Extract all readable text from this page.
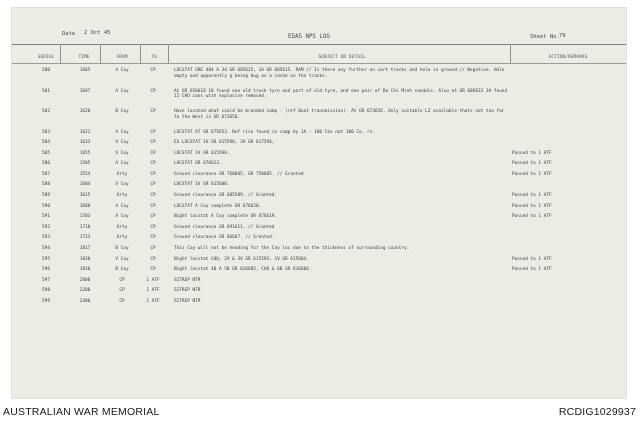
Date 2 Oct 45
EDAS NPS LOG	Sheet No. 79
SERIAL	TIME	FROM	TO	SUBJECT OR DETAIL	ACTION/REMARKS
580	1605	A Coy	CP	LOCSTAT GRE 484 A 3d GR 685625, 1A GR 685615. RAM // Is there any further on cart tracks and hole in ground.// Negative. Hole empty and apparently g being dug as a cache on the tracks.
581	1607	A Coy	CP	At GR 650616 18 found one old truck tyre and part of old tyre, and one pair of Do Chi Minh sandals. Also at GR 686633 3A found 12 CHO cans with explosive removed.
582	1620	B Coy	CP	Have located what could be branded camp - (ref Boat transmission). At GR 673656. Only suitable LZ available thats not too far to the West is GR 673656.
583	1621	A Coy	CP	LOCSTAT AT GR 675653. Ref rise found in camp by 1A - 100 lbs not 100 Ce. rs.
584	1633	V Coy	CP	EX LOCSTAT 1V GR 615596, 3V GR 617594,
585	1655	V Coy	CP	LOCSTAT 1V GR 615598.	Passed to 1 ATF
586	1505	A Coy	CP	LOCSTAT GR 676623.	Passed to 1 ATF
587	1554	Arty	CP	Ground clearance GR 760605, GR 750605. // Granted	Passed to 1 ATF
588	1604	V Coy	CP	LOCSTAT 1V GR 615600.
589	1615	Arty	CP	Ground clearance GR 685589. // Granted.	Passed to 1 ATF
590	1680	A Coy	CP	LOCSTAT A Coy complete GR 676620.	Passed to 1 ATF
591	1703	A Coy	CP	Night locstat A Coy complete GR 676619.	Passed to 1 ATF
592	1710	Arty	CP	Ground clearance GR 691611. // Granted
593	1733	Arty	CP	Ground clearance GR 66667. // Granted.
594	1817	B Coy	CP	This Coy will not be heading for the Coy loc due to the thickness of surrounding country.
595	1830	V Coy	CP	Night locstat CHQ, 2V & 3V GR 615593, 1V GR 615604.	Passed to 1 ATF
596	1830	B Coy	CP	Night locstat 4B A 5B GR 626605, CHQ & 6B GR 616604.	Passed to 1 ATF
597	2000	CP	1 ATF	SITREP NTR
598	2200	CP	1 ATF	SITREP NTR
599	2400	CP	1 ATF	SITREP NTR
AUSTRALIAN WAR MEMORIAL	RCDIG1029937
